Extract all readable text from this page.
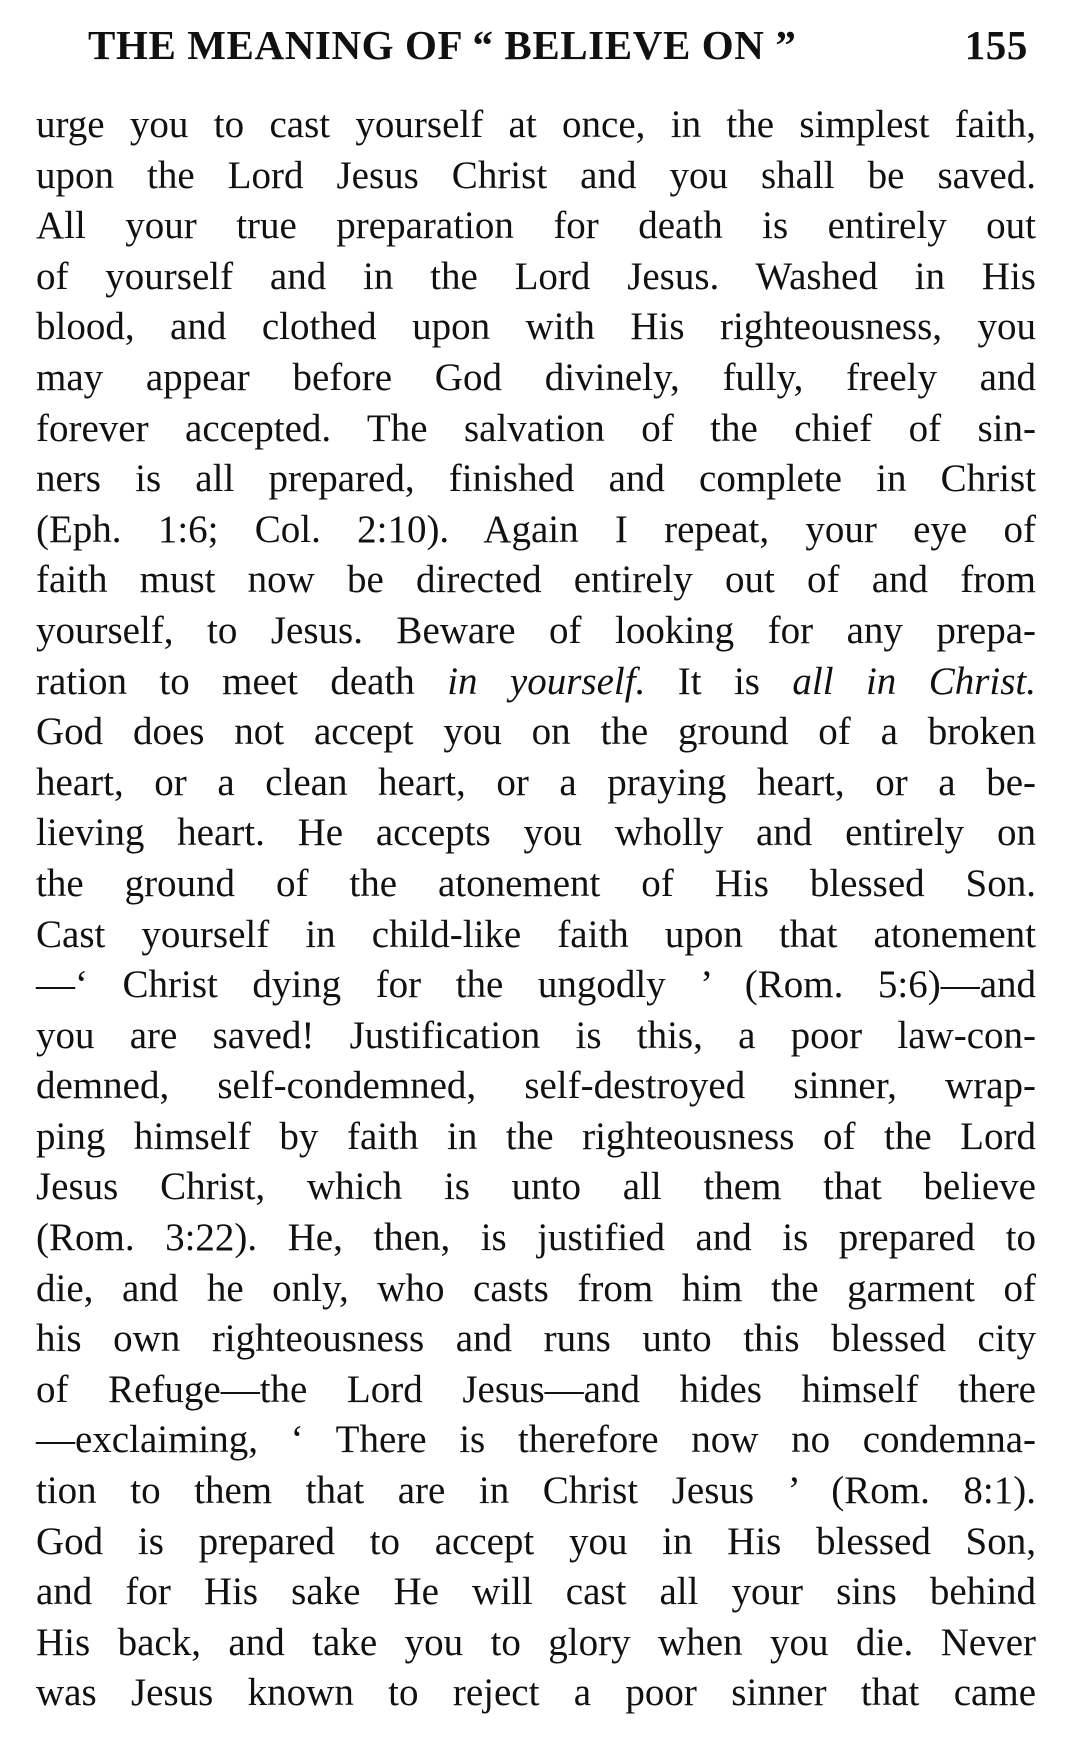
THE MEANING OF “ BELIEVE ON ”	155
urge you to cast yourself at once, in the simplest faith,
upon the Lord Jesus Christ and you shall be saved.
All your true preparation for death is entirely out
of yourself and in the Lord Jesus. Washed in His
blood, and clothed upon with His righteousness, you
may appear before God divinely, fully, freely and
forever accepted. The salvation of the chief of sin-
ners is all prepared, finished and complete in Christ
(Eph. 1:6; Col. 2:10). Again I repeat, your eye of
faith must now be directed entirely out of and from
yourself, to Jesus. Beware of looking for any prepa-
ration to meet death in yourself. It is all in Christ.
God does not accept you on the ground of a broken
heart, or a clean heart, or a praying heart, or a be-
lieving heart. He accepts you wholly and entirely on
the ground of the atonement of His blessed Son.
Cast yourself in child-like faith upon that atonement
—‘ Christ dying for the ungodly ’ (Rom. 5:6)—and
you are saved! Justification is this, a poor law-con-
demned, self-condemned, self-destroyed sinner, wrap-
ping himself by faith in the righteousness of the Lord
Jesus Christ, which is unto all them that believe
(Rom. 3:22). He, then, is justified and is prepared to
die, and he only, who casts from him the garment of
his own righteousness and runs unto this blessed city
of Refuge—the Lord Jesus—and hides himself there
—exclaiming, ‘ There is therefore now no condemna-
tion to them that are in Christ Jesus ’ (Rom. 8:1).
God is prepared to accept you in His blessed Son,
and for His sake He will cast all your sins behind
His back, and take you to glory when you die. Never
was Jesus known to reject a poor sinner that came
